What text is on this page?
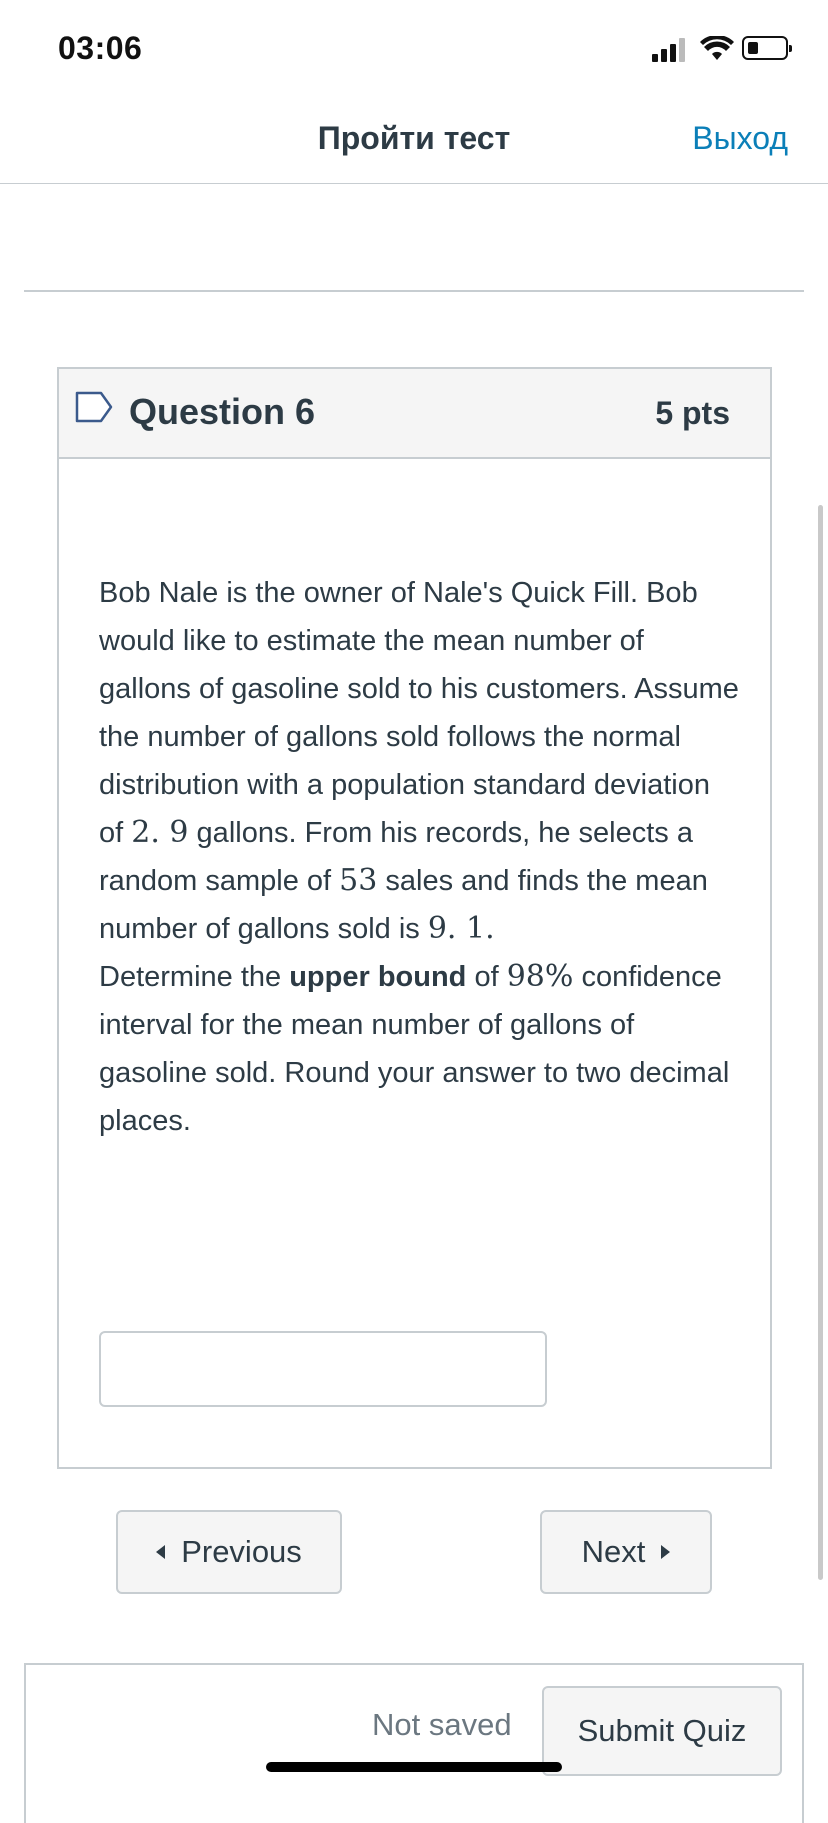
03:06
Пройти тест	Выход
Question 6	5 pts

Bob Nale is the owner of Nale's Quick Fill. Bob would like to estimate the mean number of gallons of gasoline sold to his customers. Assume the number of gallons sold follows the normal distribution with a population standard deviation of 2. 9 gallons. From his records, he selects a random sample of 53 sales and finds the mean number of gallons sold is 9. 1.

Determine the upper bound of 98% confidence interval for the mean number of gallons of gasoline sold. Round your answer to two decimal places.

Previous	Next
Not saved	Submit Quiz
